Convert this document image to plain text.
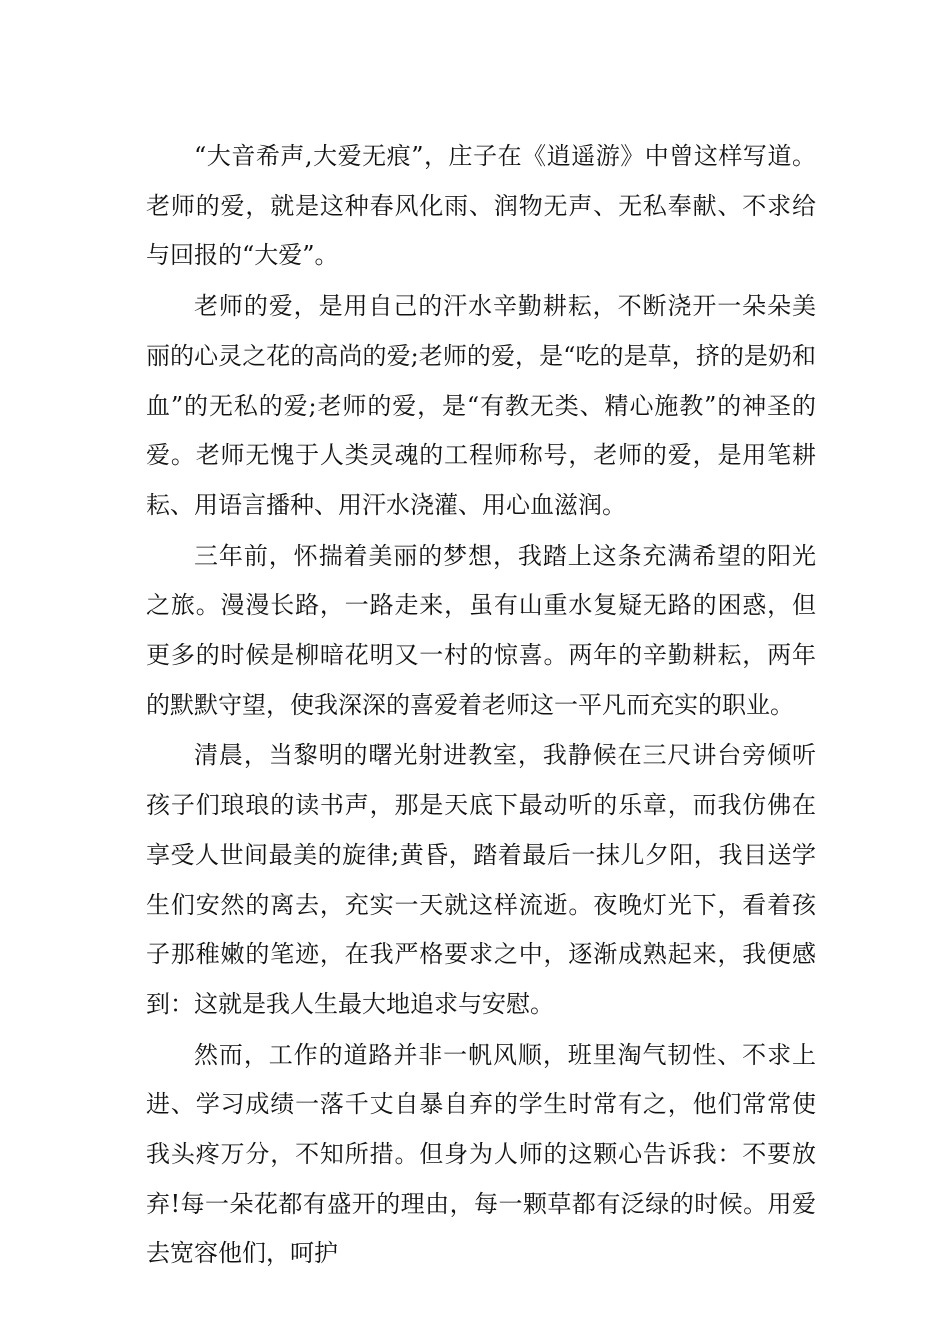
“大音希声,大爱无痕”，庄子在《逍遥游》中曾这样写道。老师的爱，就是这种春风化雨、润物无声、无私奉献、不求给与回报的“大爱”。

老师的爱，是用自己的汗水辛勤耕耘，不断浇开一朵朵美丽的心灵之花的高尚的爱;老师的爱，是“吃的是草，挤的是奶和血”的无私的爱;老师的爱，是“有教无类、精心施教”的神圣的爱。老师无愧于人类灵魂的工程师称号，老师的爱，是用笔耕耘、用语言播种、用汗水浇灌、用心血滋润。

三年前，怀揣着美丽的梦想，我踏上这条充满希望的阳光之旅。漫漫长路，一路走来，虽有山重水复疑无路的困惑，但更多的时候是柳暗花明又一村的惊喜。两年的辛勤耕耘，两年的默默守望，使我深深的喜爱着老师这一平凡而充实的职业。

清晨，当黎明的曙光射进教室，我静候在三尺讲台旁倾听孩子们琅琅的读书声，那是天底下最动听的乐章，而我仿佛在享受人世间最美的旋律;黄昏，踏着最后一抹儿夕阳，我目送学生们安然的离去，充实一天就这样流逝。夜晚灯光下，看着孩子那稚嫩的笔迹，在我严格要求之中，逐渐成熟起来，我便感到：这就是我人生最大地追求与安慰。

然而，工作的道路并非一帆风顺，班里淘气韧性、不求上进、学习成绩一落千丈自暴自弃的学生时常有之，他们常常使我头疼万分，不知所措。但身为人师的这颗心告诉我：不要放弃!每一朵花都有盛开的理由，每一颗草都有泛绿的时候。用爱去宽容他们，呵护
